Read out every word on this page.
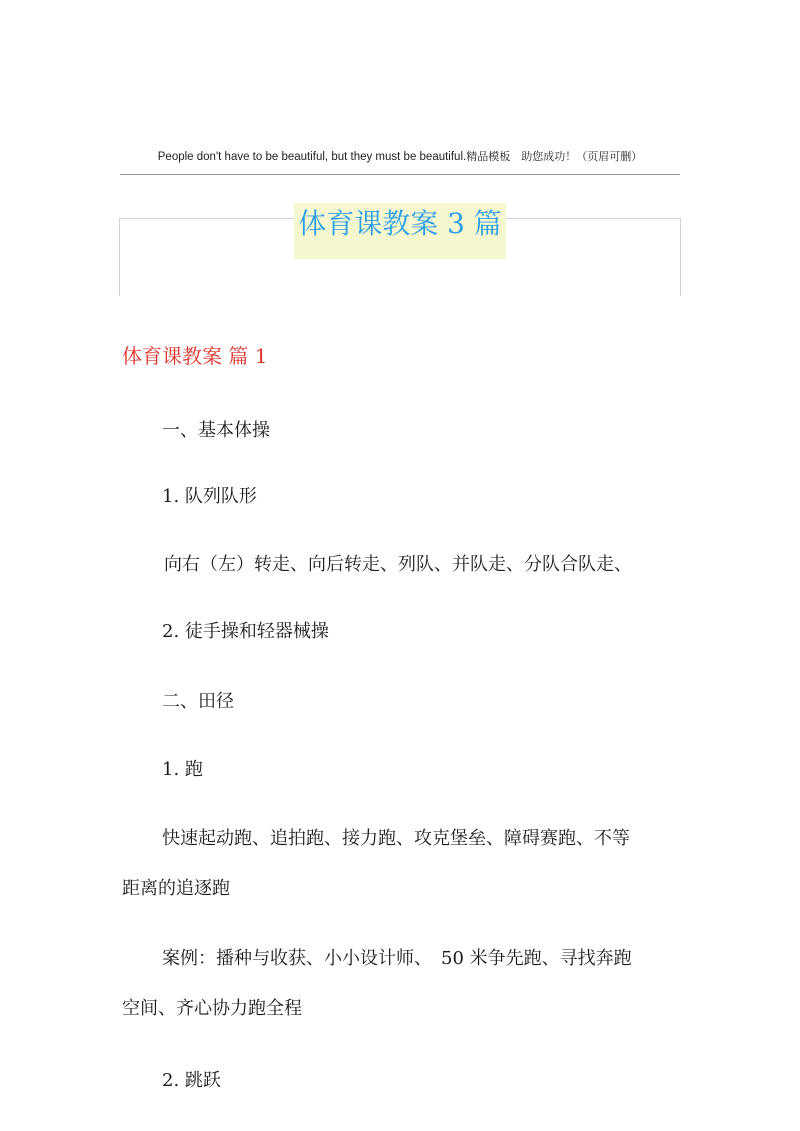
People don't have to be beautiful, but they must be beautiful.精品模板　助您成功！（页眉可删）
体育课教案 3 篇
体育课教案 篇 1
一、基本体操
1. 队列队形
向右（左）转走、向后转走、列队、并队走、分队合队走、
2. 徒手操和轻器械操
二、田径
1. 跑
快速起动跑、追拍跑、接力跑、攻克堡垒、障碍赛跑、不等
距离的追逐跑
案例：播种与收获、小小设计师、　50 米争先跑、寻找奔跑
空间、齐心协力跑全程
2. 跳跃
